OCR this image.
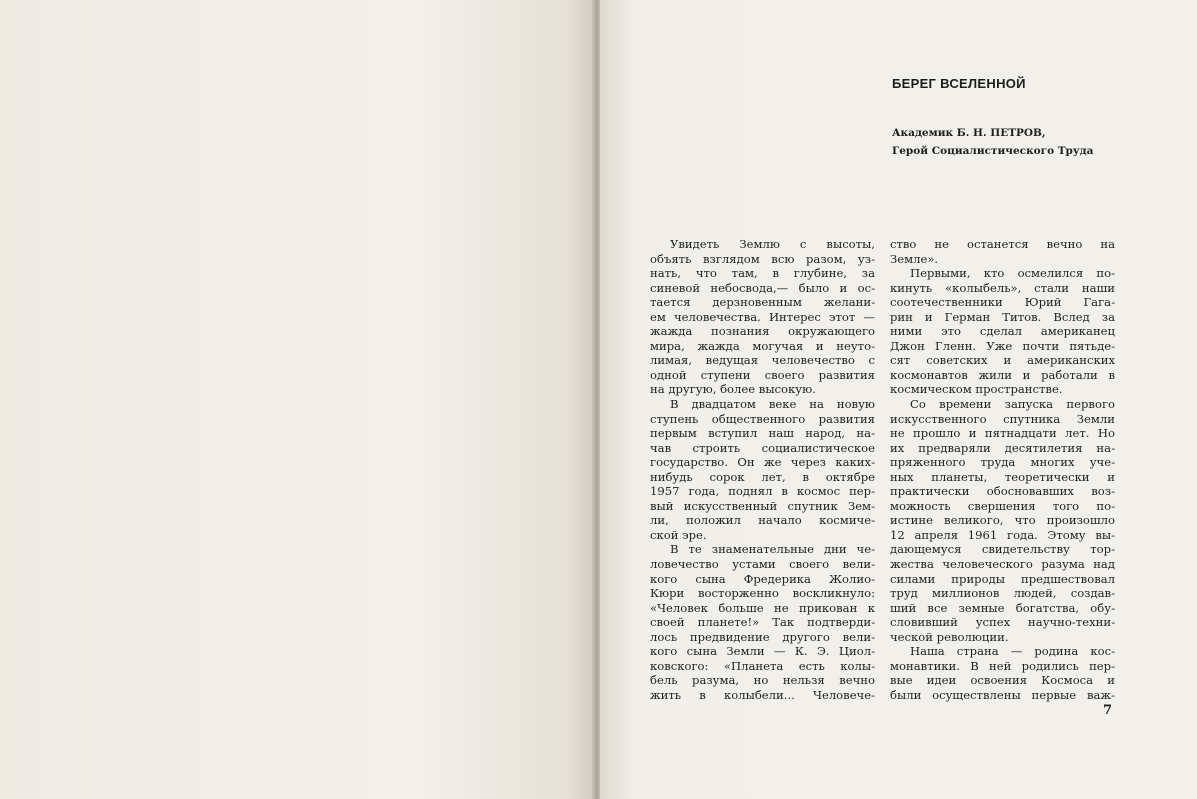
БЕРЕГ ВСЕЛЕННОЙ
Академик Б. Н. ПЕТРОВ,
Герой Социалистического Труда
Увидеть Землю с высоты,
объять взглядом всю разом, уз-
нать, что там, в глубине, за
синевой небосвода,— было и ос-
тается дерзновенным желани-
ем человечества. Интерес этот —
жажда познания окружающего
мира, жажда могучая и неуто-
лимая, ведущая человечество с
одной ступени своего развития
на другую, более высокую.
В двадцатом веке на новую
ступень общественного развития
первым вступил наш народ, на-
чав строить социалистическое
государство. Он же через каких-
нибудь сорок лет, в октябре
1957 года, поднял в космос пер-
вый искусственный спутник Зем-
ли, положил начало космиче-
ской эре.
В те знаменательные дни че-
ловечество устами своего вели-
кого сына Фредерика Жолио-
Кюри восторженно воскликнуло:
«Человек больше не прикован к
своей планете!» Так подтверди-
лось предвидение другого вели-
кого сына Земли — К. Э. Циол-
ковского: «Планета есть колы-
бель разума, но нельзя вечно
жить в колыбели... Человече-
ство не останется вечно на
Земле».
Первыми, кто осмелился по-
кинуть «колыбель», стали наши
соотечественники Юрий Гага-
рин и Герман Титов. Вслед за
ними это сделал американец
Джон Гленн. Уже почти пятьде-
сят советских и американских
космонавтов жили и работали в
космическом пространстве.
Со времени запуска первого
искусственного спутника Земли
не прошло и пятнадцати лет. Но
их предваряли десятилетия на-
пряженного труда многих уче-
ных планеты, теоретически и
практически обосновавших воз-
можность свершения того по-
истине великого, что произошло
12 апреля 1961 года. Этому вы-
дающемуся свидетельству тор-
жества человеческого разума над
силами природы предшествовал
труд миллионов людей, создав-
ший все земные богатства, обу-
словивший успех научно-техни-
ческой революции.
Наша страна — родина кос-
монавтики. В ней родились пер-
вые идеи освоения Космоса и
были осуществлены первые важ-
7
